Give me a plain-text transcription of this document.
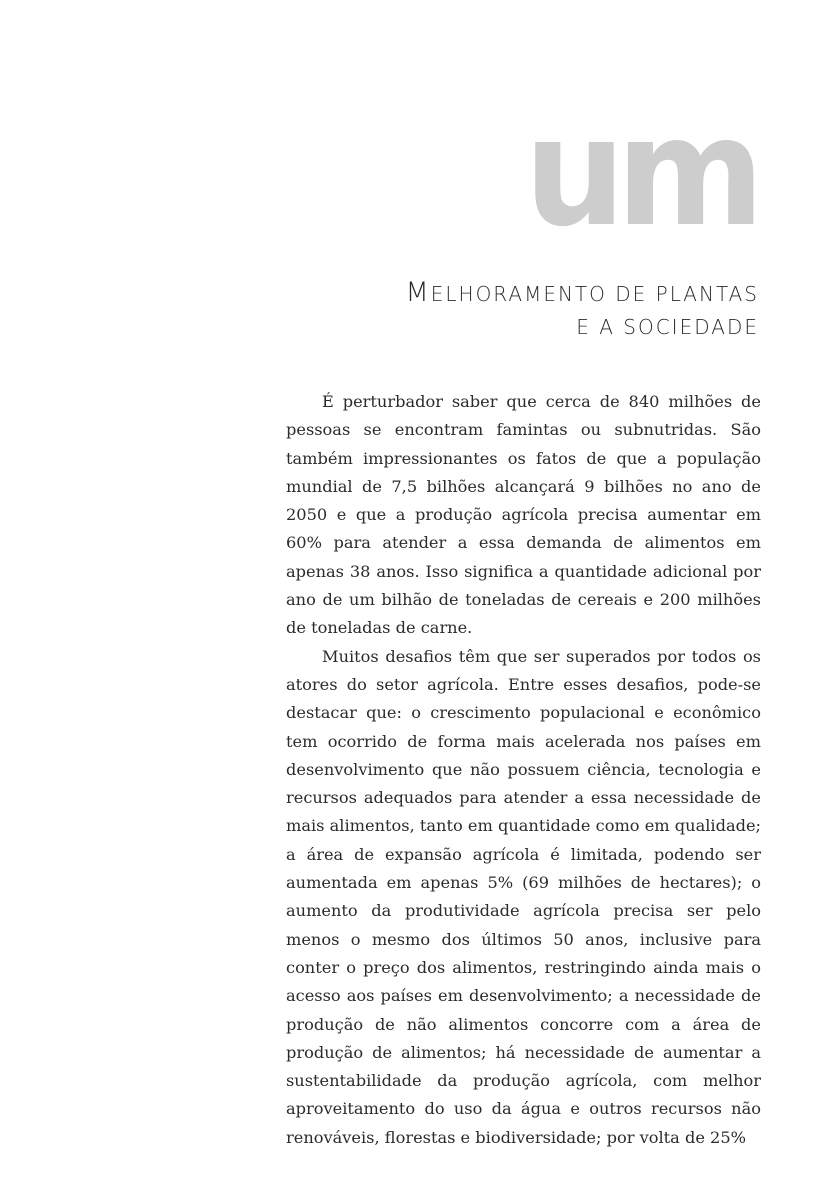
um
MELHORAMENTO DE PLANTAS
E A SOCIEDADE

É perturbador saber que cerca de 840 milhões de pessoas se encontram famintas ou subnutridas. São também impressionantes os fatos de que a população mundial de 7,5 bilhões alcançará 9 bilhões no ano de 2050 e que a produção agrícola precisa aumentar em 60% para atender a essa demanda de alimentos em apenas 38 anos. Isso significa a quantidade adicional por ano de um bilhão de toneladas de cereais e 200 milhões de toneladas de carne.

Muitos desafios têm que ser superados por todos os atores do setor agrícola. Entre esses desafios, pode-se destacar que: o crescimento populacional e econômico tem ocorrido de forma mais acelerada nos países em desenvolvimento que não possuem ciência, tecnologia e recursos adequados para atender a essa necessidade de mais alimentos, tanto em quantidade como em qualidade; a área de expansão agrícola é limitada, podendo ser aumentada em apenas 5% (69 milhões de hectares); o aumento da produtividade agrícola precisa ser pelo menos o mesmo dos últimos 50 anos, inclusive para conter o preço dos alimentos, restringindo ainda mais o acesso aos países em desenvolvimento; a necessidade de produção de não alimentos concorre com a área de produção de alimentos; há necessidade de aumentar a sustentabilidade da produção agrícola, com melhor aproveitamento do uso da água e outros recursos não renováveis, florestas e biodiversidade; por volta de 25%
